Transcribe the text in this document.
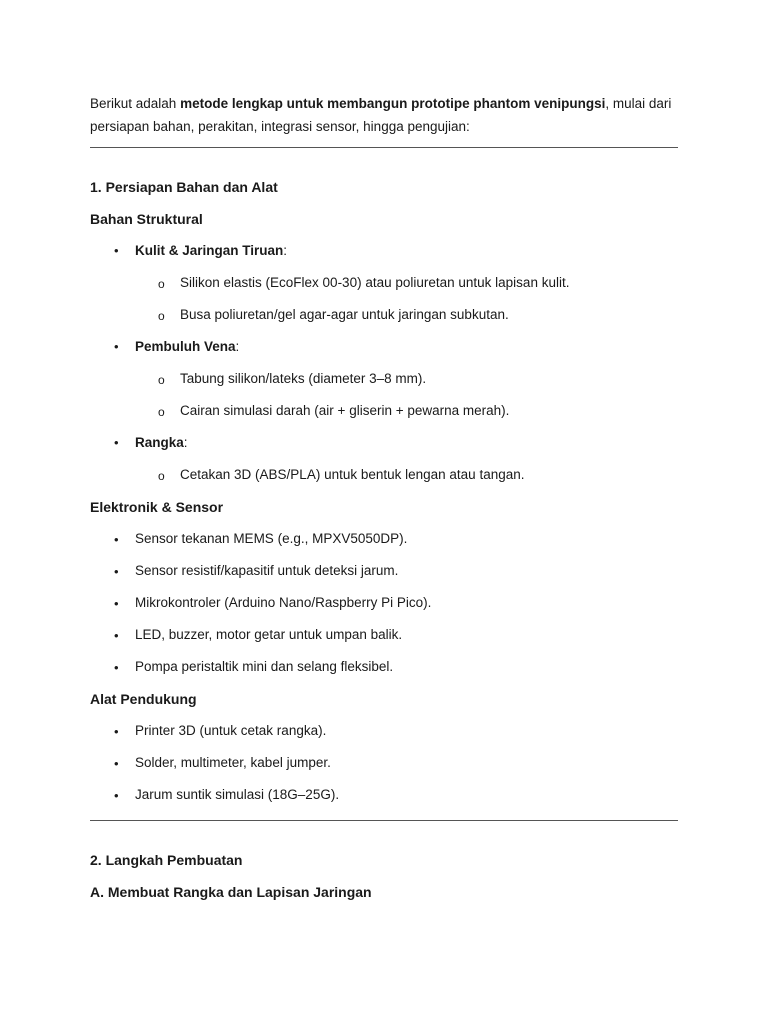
Berikut adalah metode lengkap untuk membangun prototipe phantom venipungsi, mulai dari
persiapan bahan, perakitan, integrasi sensor, hingga pengujian:
1. Persiapan Bahan dan Alat
Bahan Struktural
• Kulit & Jaringan Tiruan:
o Silikon elastis (EcoFlex 00-30) atau poliuretan untuk lapisan kulit.
o Busa poliuretan/gel agar-agar untuk jaringan subkutan.
• Pembuluh Vena:
o Tabung silikon/lateks (diameter 3–8 mm).
o Cairan simulasi darah (air + gliserin + pewarna merah).
• Rangka:
o Cetakan 3D (ABS/PLA) untuk bentuk lengan atau tangan.
Elektronik & Sensor
• Sensor tekanan MEMS (e.g., MPXV5050DP).
• Sensor resistif/kapasitif untuk deteksi jarum.
• Mikrokontroler (Arduino Nano/Raspberry Pi Pico).
• LED, buzzer, motor getar untuk umpan balik.
• Pompa peristaltik mini dan selang fleksibel.
Alat Pendukung
• Printer 3D (untuk cetak rangka).
• Solder, multimeter, kabel jumper.
• Jarum suntik simulasi (18G–25G).
2. Langkah Pembuatan
A. Membuat Rangka dan Lapisan Jaringan
